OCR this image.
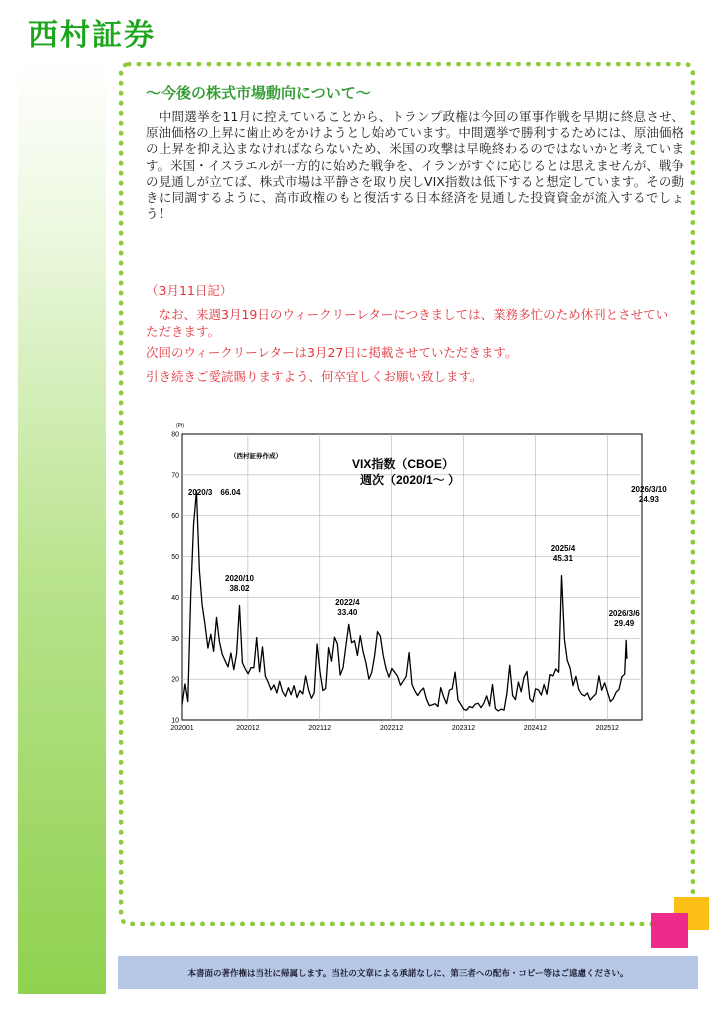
西村証券
～今後の株式市場動向について～
　中間選挙を11月に控えていることから、トランプ政権は今回の軍事作戦を早期に終息させ、原油価格の上昇に歯止めをかけようとし始めています。中間選挙で勝利するためには、原油価格の上昇を抑え込まなければならないため、米国の攻撃は早晩終わるのではないかと考えています。米国・イスラエルが一方的に始めた戦争を、イランがすぐに応じるとは思えませんが、戦争の見通しが立てば、株式市場は平静さを取り戻しVIX指数は低下すると想定しています。その動きに同調するように、高市政権のもと復活する日本経済を見通した投資資金が流入するでしょう！
（3月11日記）
　なお、来週3月19日のウィークリーレターにつきましては、業務多忙のため休刊とさせていただきます。
次回のウィークリーレターは3月27日に掲載させていただきます。
引き続きご愛読賜りますよう、何卒宜しくお願い致します。
80
70
60
50
40
30
20
10
202001	202012	202112	202212	202312	202412	202512
2020/3 66.04
2020/10
38.02
2022/4
33.40
2025/4
45.31
2026/3/6
29.49
2026/3/10
24.93
(Pt)
（西村証券作成）
VIX指数（CBOE）
週次（2020/1～ ）
本書面の著作権は当社に帰属します。当社の文章による承諾なしに、第三者への配布・コピー等はご遠慮ください。
